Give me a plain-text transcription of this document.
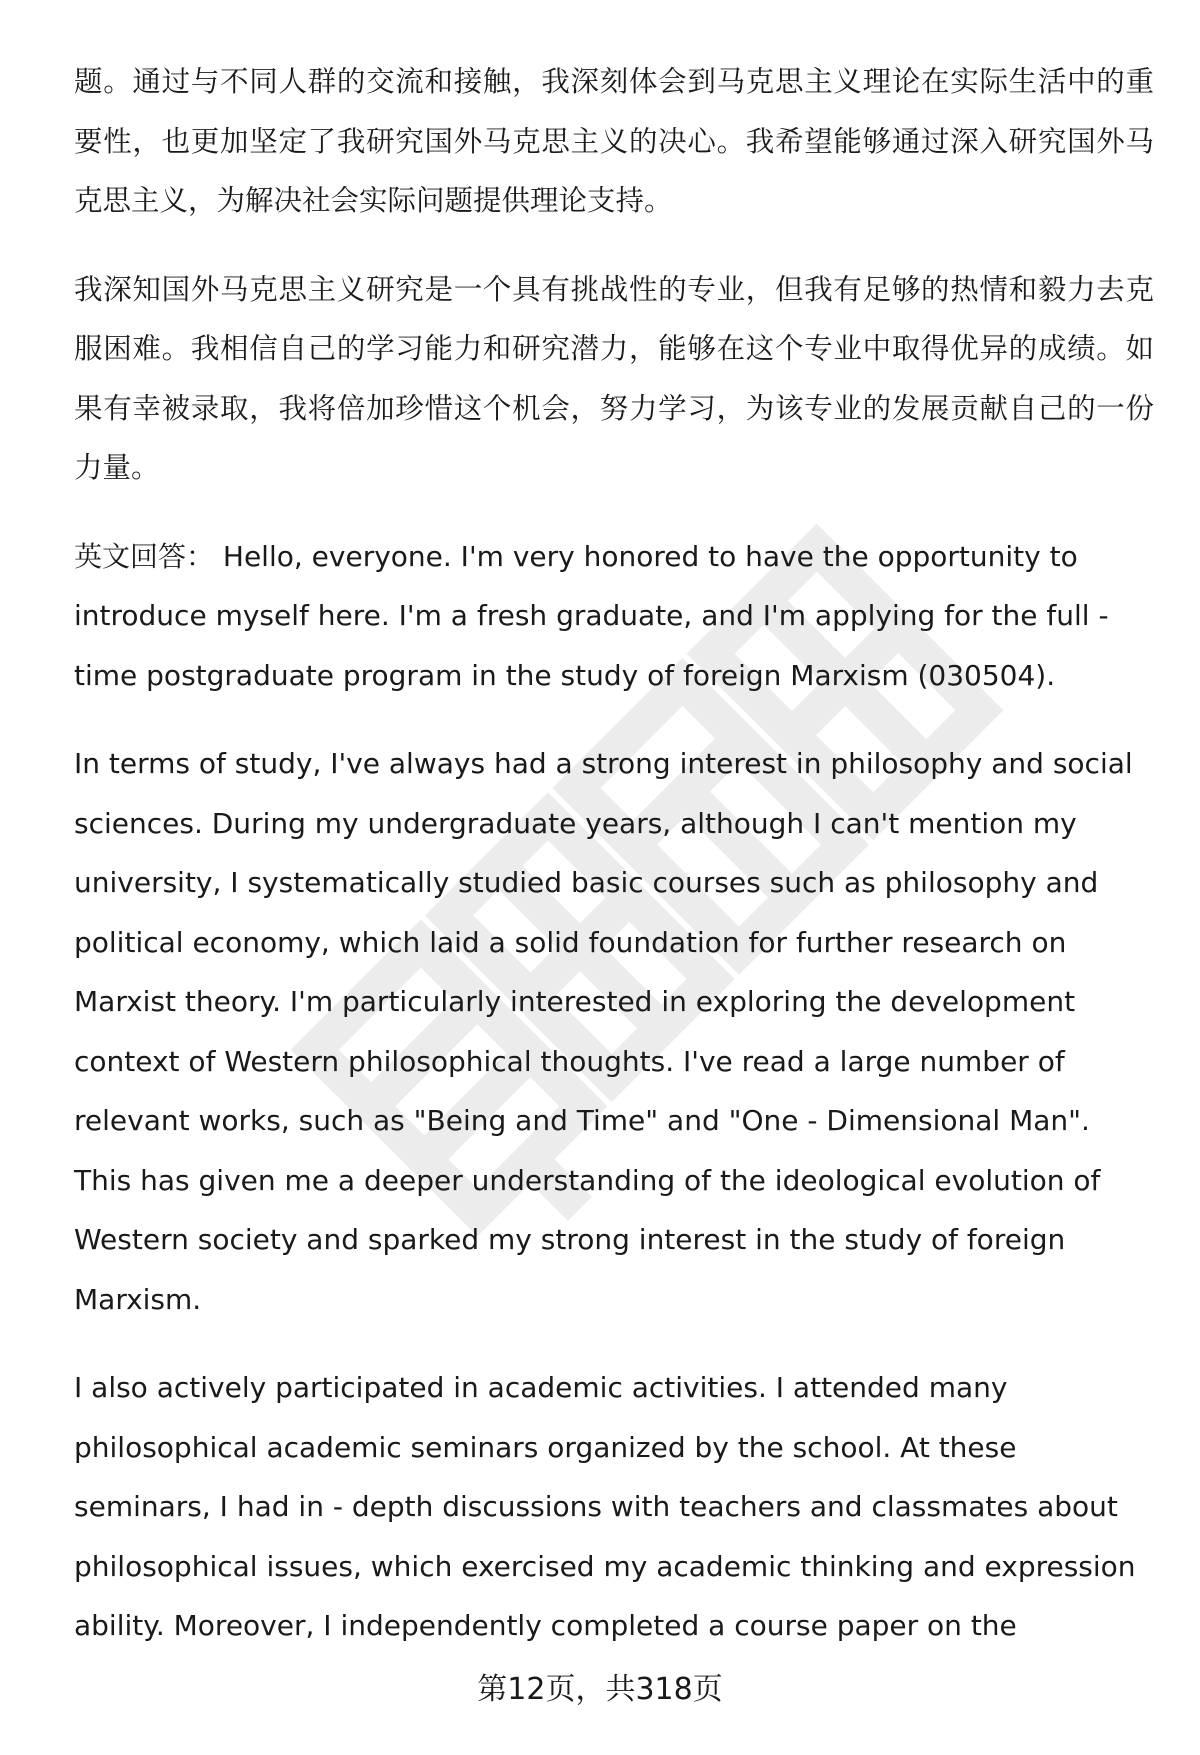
题。通过与不同人群的交流和接触，我深刻体会到马克思主义理论在实际生活中的重要性，也更加坚定了我研究国外马克思主义的决心。我希望能够通过深入研究国外马克思主义，为解决社会实际问题提供理论支持。

我深知国外马克思主义研究是一个具有挑战性的专业，但我有足够的热情和毅力去克服困难。我相信自己的学习能力和研究潜力，能够在这个专业中取得优异的成绩。如果有幸被录取，我将倍加珍惜这个机会，努力学习，为该专业的发展贡献自己的一份力量。

英文回答： Hello, everyone. I'm very honored to have the opportunity to introduce myself here. I'm a fresh graduate, and I'm applying for the full - time postgraduate program in the study of foreign Marxism (030504).

In terms of study, I've always had a strong interest in philosophy and social sciences. During my undergraduate years, although I can't mention my university, I systematically studied basic courses such as philosophy and political economy, which laid a solid foundation for further research on Marxist theory. I'm particularly interested in exploring the development context of Western philosophical thoughts. I've read a large number of relevant works, such as "Being and Time" and "One - Dimensional Man". This has given me a deeper understanding of the ideological evolution of Western society and sparked my strong interest in the study of foreign Marxism.

I also actively participated in academic activities. I attended many philosophical academic seminars organized by the school. At these seminars, I had in - depth discussions with teachers and classmates about philosophical issues, which exercised my academic thinking and expression ability. Moreover, I independently completed a course paper on the

第12页，共318页
